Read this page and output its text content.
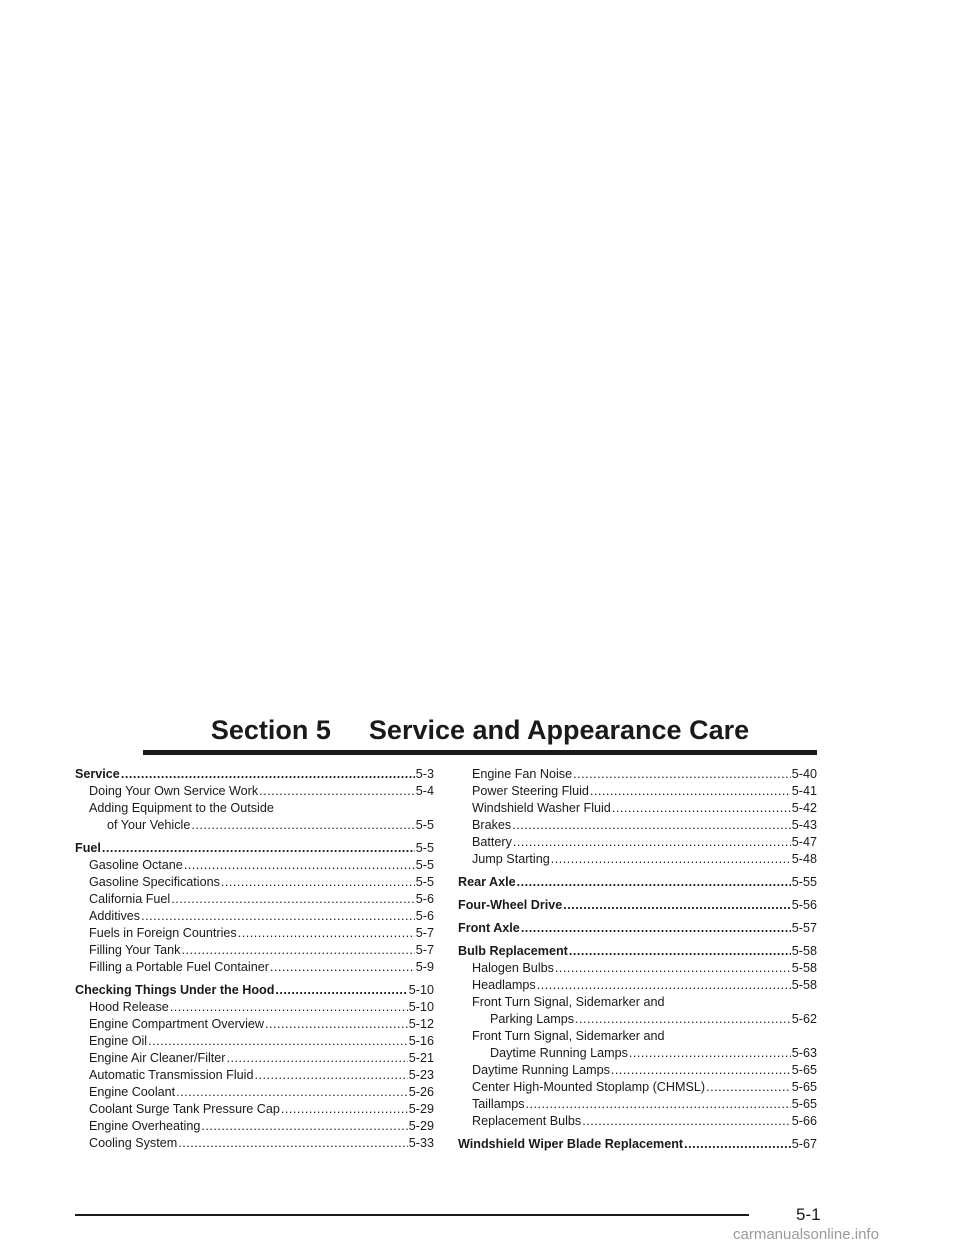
Section 5 Service and Appearance Care
Service .....	5-3
Doing Your Own Service Work .....	5-4
Adding Equipment to the Outside
of Your Vehicle .....	5-5
Fuel .....	5-5
Gasoline Octane .....	5-5
Gasoline Specifications .....	5-5
California Fuel .....	5-6
Additives .....	5-6
Fuels in Foreign Countries .....	5-7
Filling Your Tank .....	5-7
Filling a Portable Fuel Container .....	5-9
Checking Things Under the Hood .....	5-10
Hood Release .....	5-10
Engine Compartment Overview .....	5-12
Engine Oil .....	5-16
Engine Air Cleaner/Filter .....	5-21
Automatic Transmission Fluid .....	5-23
Engine Coolant .....	5-26
Coolant Surge Tank Pressure Cap .....	5-29
Engine Overheating .....	5-29
Cooling System .....	5-33
Engine Fan Noise .....	5-40
Power Steering Fluid .....	5-41
Windshield Washer Fluid .....	5-42
Brakes .....	5-43
Battery .....	5-47
Jump Starting .....	5-48
Rear Axle .....	5-55
Four-Wheel Drive .....	5-56
Front Axle .....	5-57
Bulb Replacement .....	5-58
Halogen Bulbs .....	5-58
Headlamps .....	5-58
Front Turn Signal, Sidemarker and
Parking Lamps .....	5-62
Front Turn Signal, Sidemarker and
Daytime Running Lamps .....	5-63
Daytime Running Lamps .....	5-65
Center High-Mounted Stoplamp (CHMSL) .....	5-65
Taillamps .....	5-65
Replacement Bulbs .....	5-66
Windshield Wiper Blade Replacement .....	5-67
5-1
carmanualsonline.info
